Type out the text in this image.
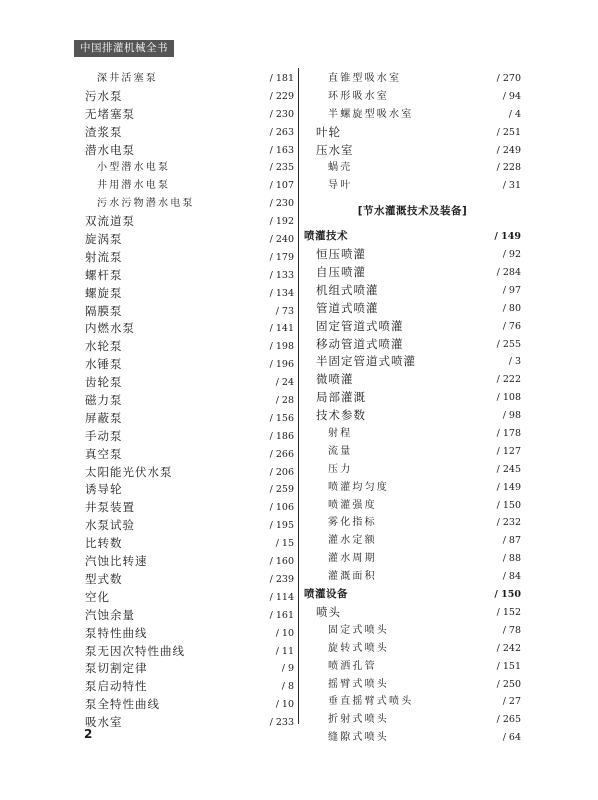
中国排灌机械全书
深井活塞泵	/ 181
污水泵	/ 229
无堵塞泵	/ 230
渣浆泵	/ 263
潜水电泵	/ 163
小型潜水电泵	/ 235
井用潜水电泵	/ 107
污水污物潜水电泵	/ 230
双流道泵	/ 192
旋涡泵	/ 240
射流泵	/ 179
螺杆泵	/ 133
螺旋泵	/ 134
隔膜泵	/ 73
内燃水泵	/ 141
水轮泵	/ 198
水锤泵	/ 196
齿轮泵	/ 24
磁力泵	/ 28
屏蔽泵	/ 156
手动泵	/ 186
真空泵	/ 266
太阳能光伏水泵	/ 206
诱导轮	/ 259
井泵装置	/ 106
水泵试验	/ 195
比转数	/ 15
汽蚀比转速	/ 160
型式数	/ 239
空化	/ 114
汽蚀余量	/ 161
泵特性曲线	/ 10
泵无因次特性曲线	/ 11
泵切割定律	/ 9
泵启动特性	/ 8
泵全特性曲线	/ 10
吸水室	/ 233
直锥型吸水室	/ 270
环形吸水室	/ 94
半螺旋型吸水室	/ 4
叶轮	/ 251
压水室	/ 249
蜗壳	/ 228
导叶	/ 31
[节水灌溉技术及装备]
喷灌技术	/ 149
恒压喷灌	/ 92
自压喷灌	/ 284
机组式喷灌	/ 97
管道式喷灌	/ 80
固定管道式喷灌	/ 76
移动管道式喷灌	/ 255
半固定管道式喷灌	/ 3
微喷灌	/ 222
局部灌溉	/ 108
技术参数	/ 98
射程	/ 178
流量	/ 127
压力	/ 245
喷灌均匀度	/ 149
喷灌强度	/ 150
雾化指标	/ 232
灌水定额	/ 87
灌水周期	/ 88
灌溉面积	/ 84
喷灌设备	/ 150
喷头	/ 152
固定式喷头	/ 78
旋转式喷头	/ 242
喷洒孔管	/ 151
摇臂式喷头	/ 250
垂直摇臂式喷头	/ 27
折射式喷头	/ 265
缝隙式喷头	/ 64
2
